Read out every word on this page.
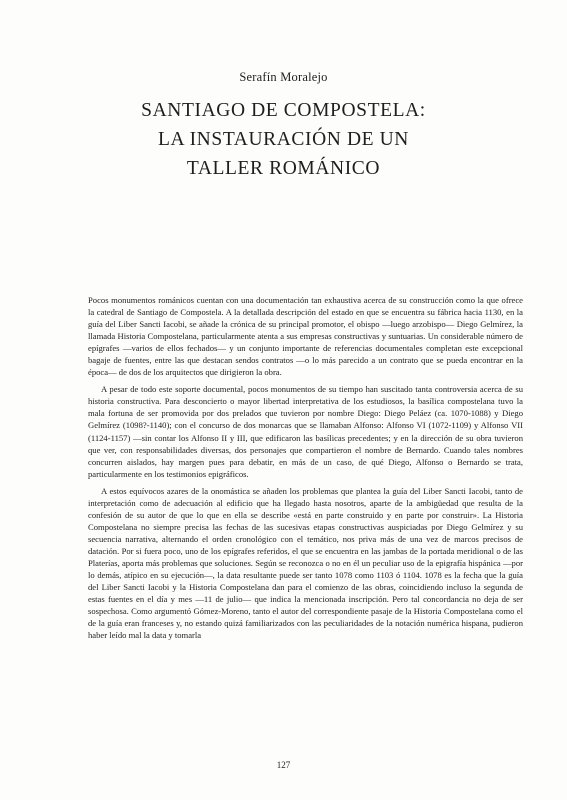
Serafín Moralejo
SANTIAGO DE COMPOSTELA:
LA INSTAURACIÓN DE UN
TALLER ROMÁNICO

Pocos monumentos románicos cuentan con una documentación tan exhaustiva acerca de su construcción como la que ofrece la catedral de Santiago de Compostela. A la detallada descripción del estado en que se encuentra su fábrica hacia 1130, en la guía del Liber Sancti Iacobi, se añade la crónica de su principal promotor, el obispo —luego arzobispo— Diego Gelmírez, la llamada Historia Compostelana, particularmente atenta a sus empresas constructivas y suntuarias. Un considerable número de epígrafes —varios de ellos fechados— y un conjunto importante de referencias documentales completan este excepcional bagaje de fuentes, entre las que destacan sendos contratos —o lo más parecido a un contrato que se pueda encontrar en la época— de dos de los arquitectos que dirigieron la obra.

A pesar de todo este soporte documental, pocos monumentos de su tiempo han suscitado tanta controversia acerca de su historia constructiva. Para desconcierto o mayor libertad interpretativa de los estudiosos, la basílica compostelana tuvo la mala fortuna de ser promovida por dos prelados que tuvieron por nombre Diego: Diego Peláez (ca. 1070-1088) y Diego Gelmírez (1098?-1140); con el concurso de dos monarcas que se llamaban Alfonso: Alfonso VI (1072-1109) y Alfonso VII (1124-1157) —sin contar los Alfonso II y III, que edificaron las basílicas precedentes; y en la dirección de su obra tuvieron que ver, con responsabilidades diversas, dos personajes que compartieron el nombre de Bernardo. Cuando tales nombres concurren aislados, hay margen pues para debatir, en más de un caso, de qué Diego, Alfonso o Bernardo se trata, particularmente en los testimonios epigráficos.

A estos equívocos azares de la onomástica se añaden los problemas que plantea la guía del Liber Sancti Iacobi, tanto de interpretación como de adecuación al edificio que ha llegado hasta nosotros, aparte de la ambigüedad que resulta de la confesión de su autor de que lo que en ella se describe «está en parte construido y en parte por construir». La Historia Compostelana no siempre precisa las fechas de las sucesivas etapas constructivas auspiciadas por Diego Gelmírez y su secuencia narrativa, alternando el orden cronológico con el temático, nos priva más de una vez de marcos precisos de datación. Por si fuera poco, uno de los epígrafes referidos, el que se encuentra en las jambas de la portada meridional o de las Platerías, aporta más problemas que soluciones. Según se reconozca o no en él un peculiar uso de la epigrafía hispánica —por lo demás, atípico en su ejecución—, la data resultante puede ser tanto 1078 como 1103 ó 1104. 1078 es la fecha que la guía del Liber Sancti Iacobi y la Historia Compostelana dan para el comienzo de las obras, coincidiendo incluso la segunda de estas fuentes en el día y mes —11 de julio— que indica la mencionada inscripción. Pero tal concordancia no deja de ser sospechosa. Como argumentó Gómez-Moreno, tanto el autor del correspondiente pasaje de la Historia Compostelana como el de la guía eran franceses y, no estando quizá familiarizados con las peculiaridades de la notación numérica hispana, pudieron haber leído mal la data y tomarla

127
